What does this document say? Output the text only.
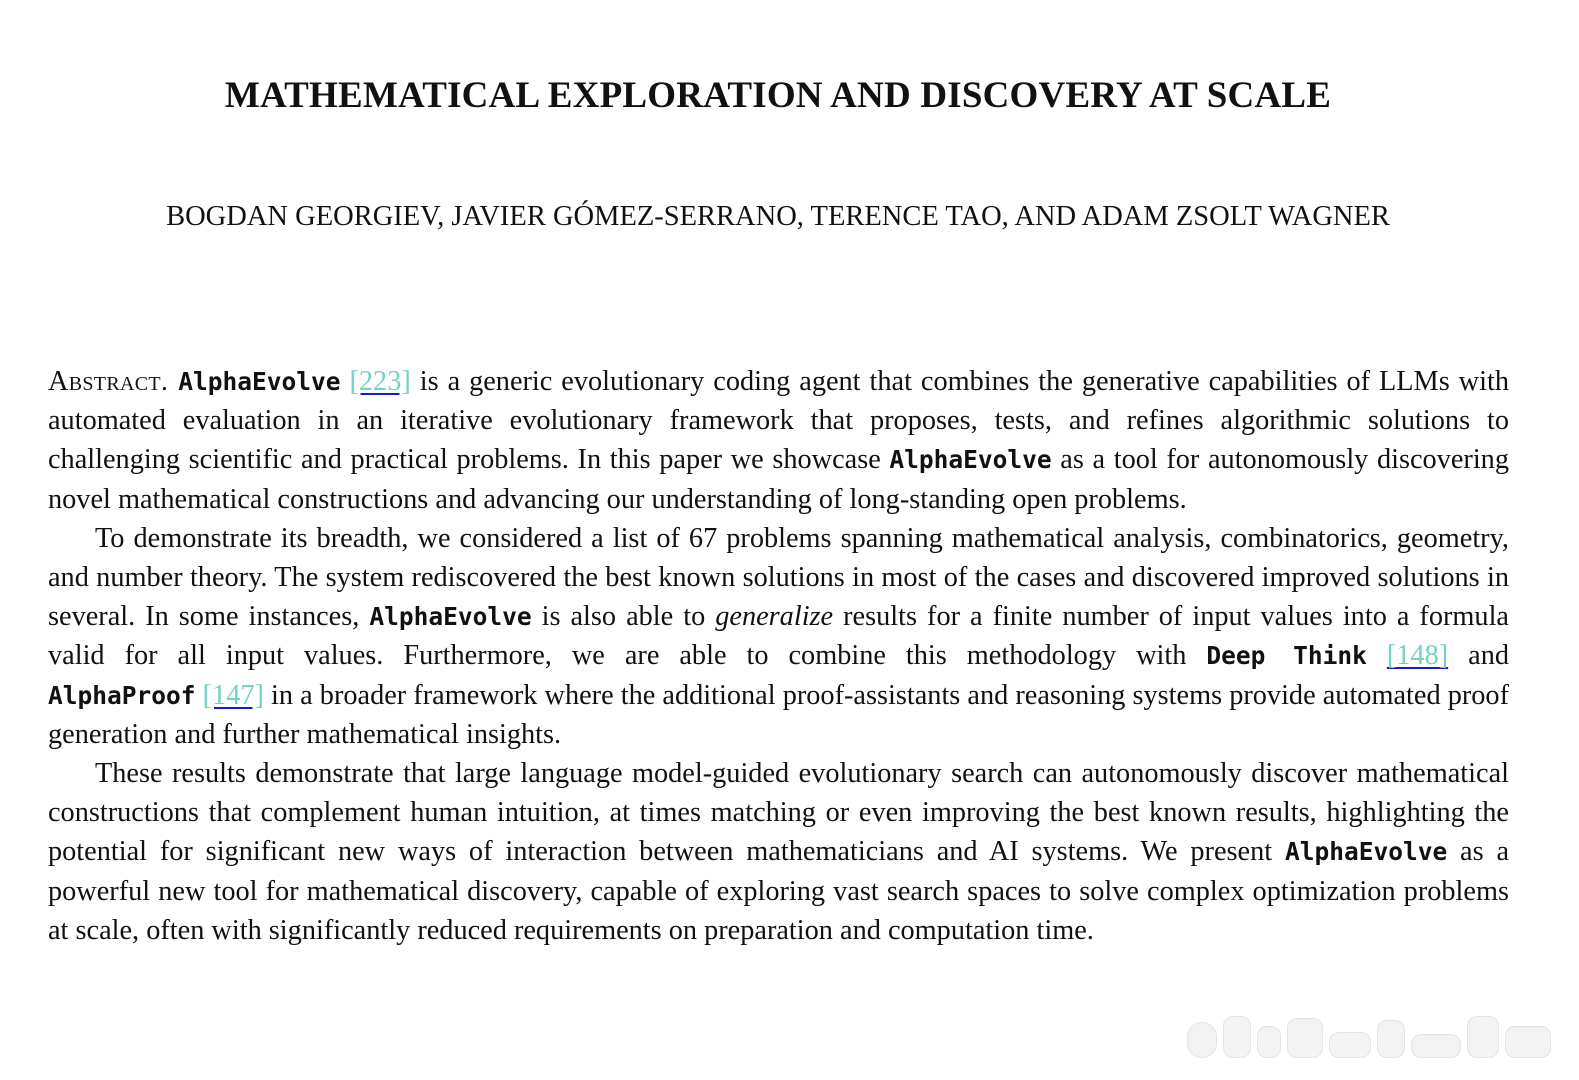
MATHEMATICAL EXPLORATION AND DISCOVERY AT SCALE
BOGDAN GEORGIEV, JAVIER GÓMEZ-SERRANO, TERENCE TAO, AND ADAM ZSOLT WAGNER

Abstract. AlphaEvolve [223] is a generic evolutionary coding agent that combines the generative capabilities of LLMs with automated evaluation in an iterative evolutionary framework that proposes, tests, and refines algorithmic solutions to challenging scientific and practical problems. In this paper we showcase AlphaEvolve as a tool for autonomously discovering novel mathematical constructions and advancing our understanding of long-standing open problems.

To demonstrate its breadth, we considered a list of 67 problems spanning mathematical analysis, combinatorics, geometry, and number theory. The system rediscovered the best known solutions in most of the cases and discovered improved solutions in several. In some instances, AlphaEvolve is also able to generalize results for a finite number of input values into a formula valid for all input values. Furthermore, we are able to combine this methodology with Deep Think [148] and AlphaProof [147] in a broader framework where the additional proof-assistants and reasoning systems provide automated proof generation and further mathematical insights.

These results demonstrate that large language model-guided evolutionary search can autonomously discover mathematical constructions that complement human intuition, at times matching or even improving the best known results, highlighting the potential for significant new ways of interaction between mathematicians and AI systems. We present AlphaEvolve as a powerful new tool for mathematical discovery, capable of exploring vast search spaces to solve complex optimization problems at scale, often with significantly reduced requirements on preparation and computation time.
